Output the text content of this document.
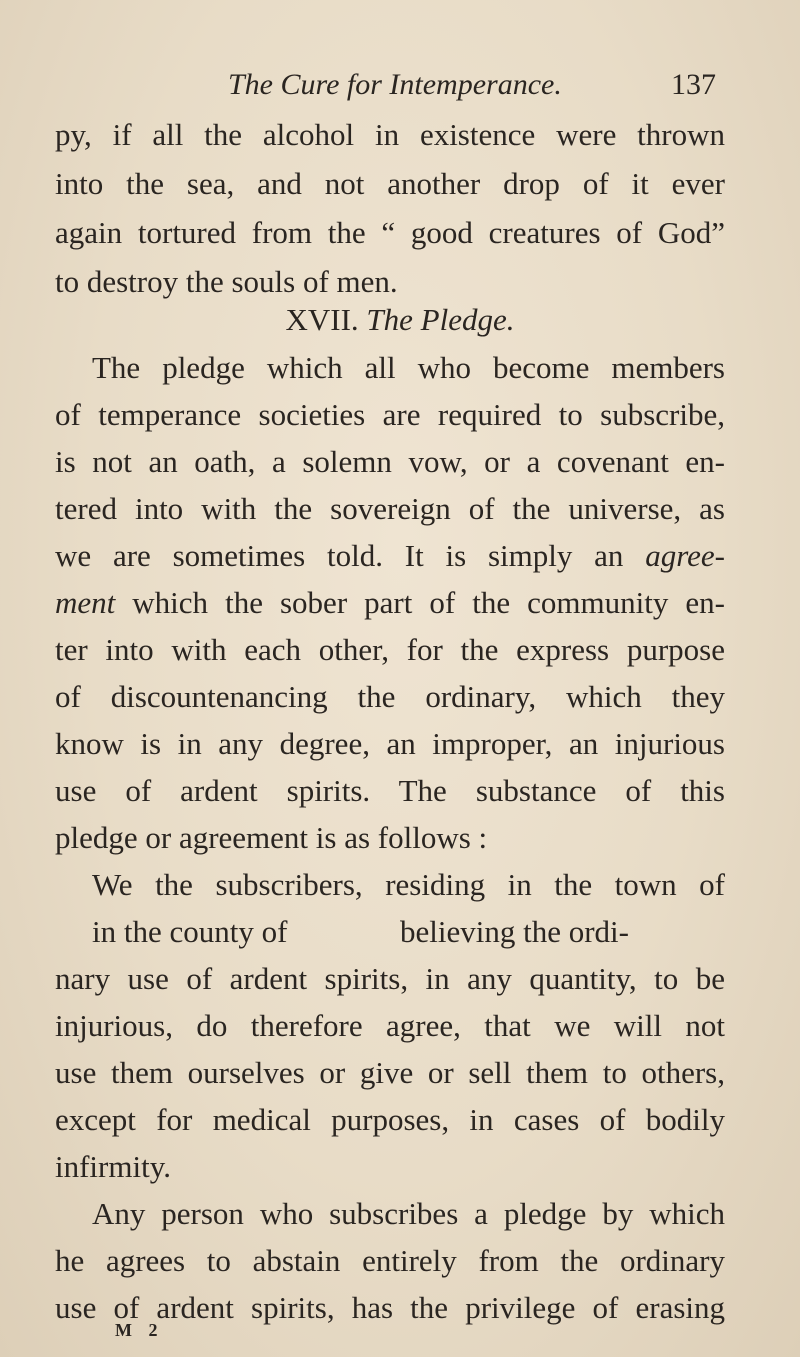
The Cure for Intemperance.	137
py, if all the alcohol in existence were thrown
into the sea, and not another drop of it ever
again tortured from the “ good creatures of God”
to destroy the souls of men.
XVII. The Pledge.
The pledge which all who become members
of temperance societies are required to subscribe,
is not an oath, a solemn vow, or a covenant en-
tered into with the sovereign of the universe, as
we are sometimes told. It is simply an agree-
ment which the sober part of the community en-
ter into with each other, for the express purpose
of discountenancing the ordinary, which they
know is in any degree, an improper, an injurious
use of ardent spirits. The substance of this
pledge or agreement is as follows :
We the subscribers, residing in the town of
in the county of	believing the ordi-
nary use of ardent spirits, in any quantity, to be
injurious, do therefore agree, that we will not
use them ourselves or give or sell them to others,
except for medical purposes, in cases of bodily
infirmity.
Any person who subscribes a pledge by which
he agrees to abstain entirely from the ordinary
use of ardent spirits, has the privilege of erasing
M 2
